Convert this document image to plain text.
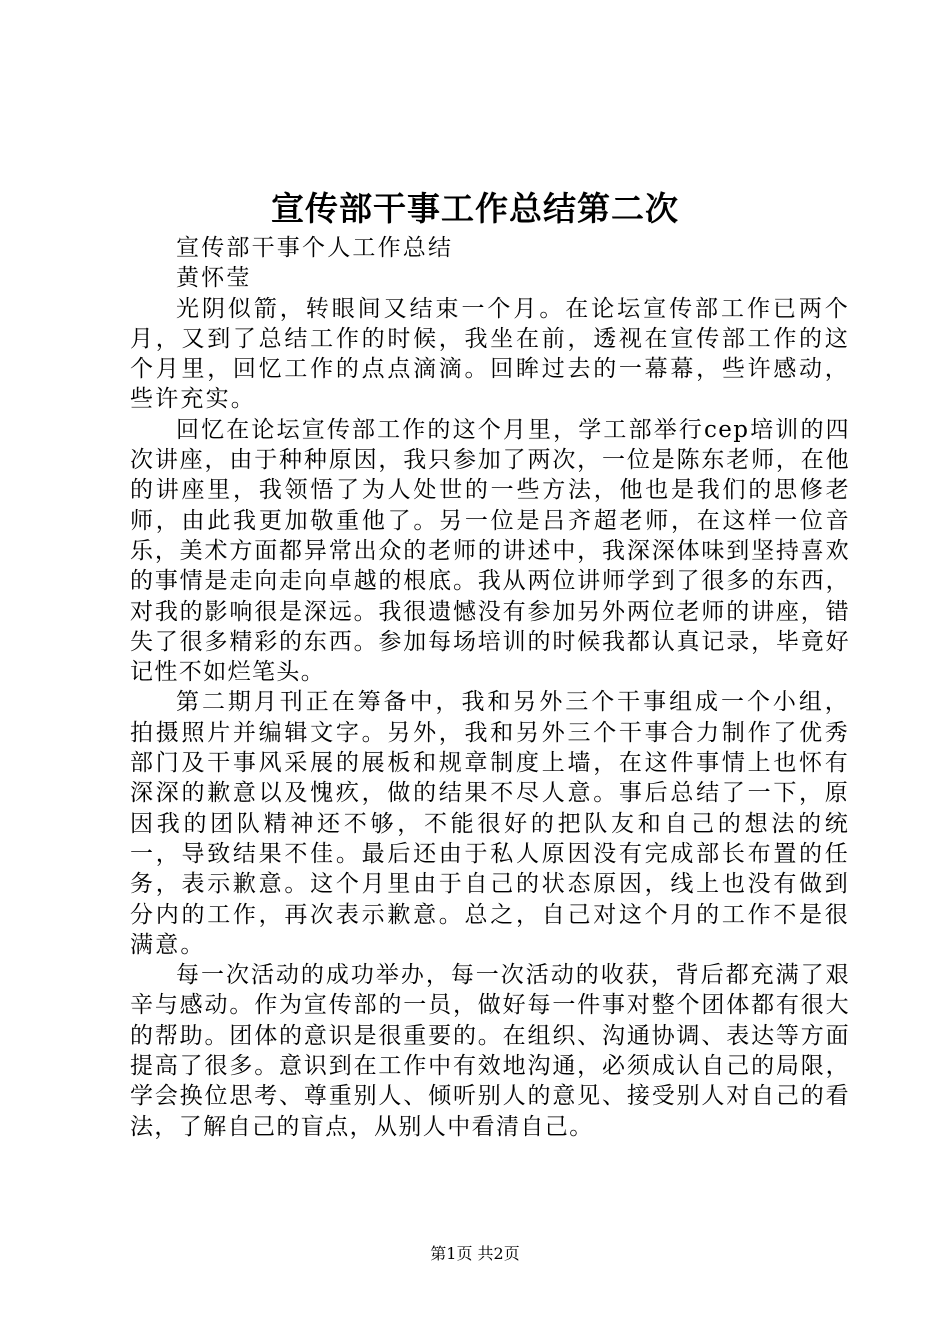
宣传部干事工作总结第二次

宣传部干事个人工作总结

黄怀莹

光阴似箭，转眼间又结束一个月。在论坛宣传部工作已两个月，又到了总结工作的时候，我坐在前，透视在宣传部工作的这个月里，回忆工作的点点滴滴。回眸过去的一幕幕，些许感动，些许充实。

回忆在论坛宣传部工作的这个月里，学工部举行cep培训的四次讲座，由于种种原因，我只参加了两次，一位是陈东老师，在他的讲座里，我领悟了为人处世的一些方法，他也是我们的思修老师，由此我更加敬重他了。另一位是吕齐超老师，在这样一位音乐，美术方面都异常出众的老师的讲述中，我深深体味到坚持喜欢的事情是走向走向卓越的根底。我从两位讲师学到了很多的东西，对我的影响很是深远。我很遗憾没有参加另外两位老师的讲座，错失了很多精彩的东西。参加每场培训的时候我都认真记录，毕竟好记性不如烂笔头。

第二期月刊正在筹备中，我和另外三个干事组成一个小组，拍摄照片并编辑文字。另外，我和另外三个干事合力制作了优秀部门及干事风采展的展板和规章制度上墙，在这件事情上也怀有深深的歉意以及愧疚，做的结果不尽人意。事后总结了一下，原因我的团队精神还不够，不能很好的把队友和自己的想法的统一，导致结果不佳。最后还由于私人原因没有完成部长布置的任务，表示歉意。这个月里由于自己的状态原因，线上也没有做到分内的工作，再次表示歉意。总之，自己对这个月的工作不是很满意。

每一次活动的成功举办，每一次活动的收获，背后都充满了艰辛与感动。作为宣传部的一员，做好每一件事对整个团体都有很大的帮助。团体的意识是很重要的。在组织、沟通协调、表达等方面提高了很多。意识到在工作中有效地沟通，必须成认自己的局限，学会换位思考、尊重别人、倾听别人的意见、接受别人对自己的看法，了解自己的盲点，从别人中看清自己。

第1页 共2页
